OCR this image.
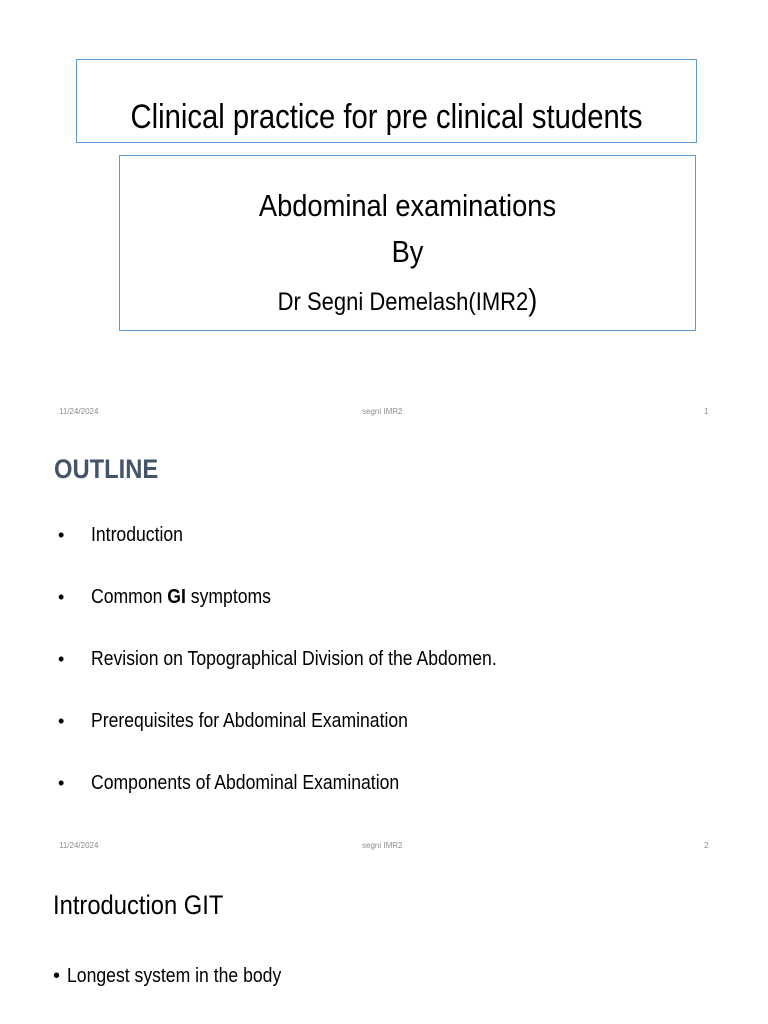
Clinical practice for pre clinical students
Abdominal examinations
By
Dr Segni Demelash(IMR2)
11/24/2024	segni IMR2	1
OUTLINE
•	Introduction
•	Common GI symptoms
•	Revision on Topographical Division of the Abdomen.
•	Prerequisites for Abdominal Examination
•	Components of Abdominal Examination
11/24/2024	segni IMR2	2
Introduction GIT
• Longest system in the body
